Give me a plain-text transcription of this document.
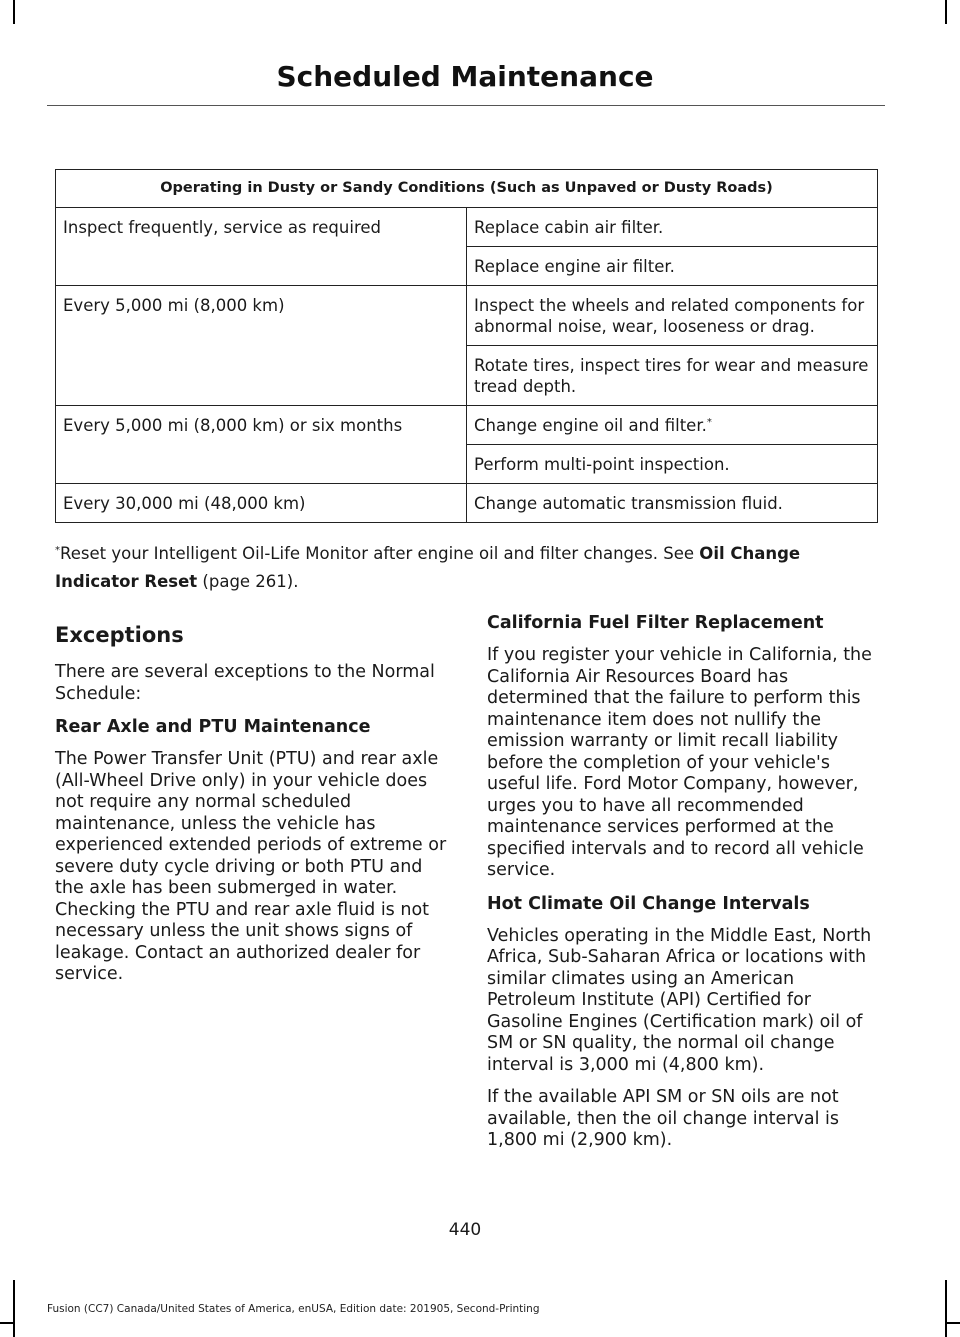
Scheduled Maintenance
Operating in Dusty or Sandy Conditions (Such as Unpaved or Dusty Roads)	
Inspect frequently, service as required	Replace cabin air filter.
	Replace engine air filter.
Every 5,000 mi (8,000 km)	Inspect the wheels and related components for abnormal noise, wear, looseness or drag.
	Rotate tires, inspect tires for wear and measure tread depth.
Every 5,000 mi (8,000 km) or six months	Change engine oil and filter.*
	Perform multi-point inspection.
Every 30,000 mi (48,000 km)	Change automatic transmission fluid.
*Reset your Intelligent Oil-Life Monitor after engine oil and filter changes. See Oil Change Indicator Reset (page 261).
Exceptions

There are several exceptions to the Normal Schedule:

Rear Axle and PTU Maintenance

The Power Transfer Unit (PTU) and rear axle (All-Wheel Drive only) in your vehicle does not require any normal scheduled maintenance, unless the vehicle has experienced extended periods of extreme or severe duty cycle driving or both PTU and the axle has been submerged in water. Checking the PTU and rear axle fluid is not necessary unless the unit shows signs of leakage. Contact an authorized dealer for service.

California Fuel Filter Replacement

If you register your vehicle in California, the California Air Resources Board has determined that the failure to perform this maintenance item does not nullify the emission warranty or limit recall liability before the completion of your vehicle's useful life. Ford Motor Company, however, urges you to have all recommended maintenance services performed at the specified intervals and to record all vehicle service.

Hot Climate Oil Change Intervals

Vehicles operating in the Middle East, North Africa, Sub-Saharan Africa or locations with similar climates using an American Petroleum Institute (API) Certified for Gasoline Engines (Certification mark) oil of SM or SN quality, the normal oil change interval is 3,000 mi (4,800 km).

If the available API SM or SN oils are not available, then the oil change interval is 1,800 mi (2,900 km).

440
Fusion (CC7) Canada/United States of America, enUSA, Edition date: 201905, Second-Printing
